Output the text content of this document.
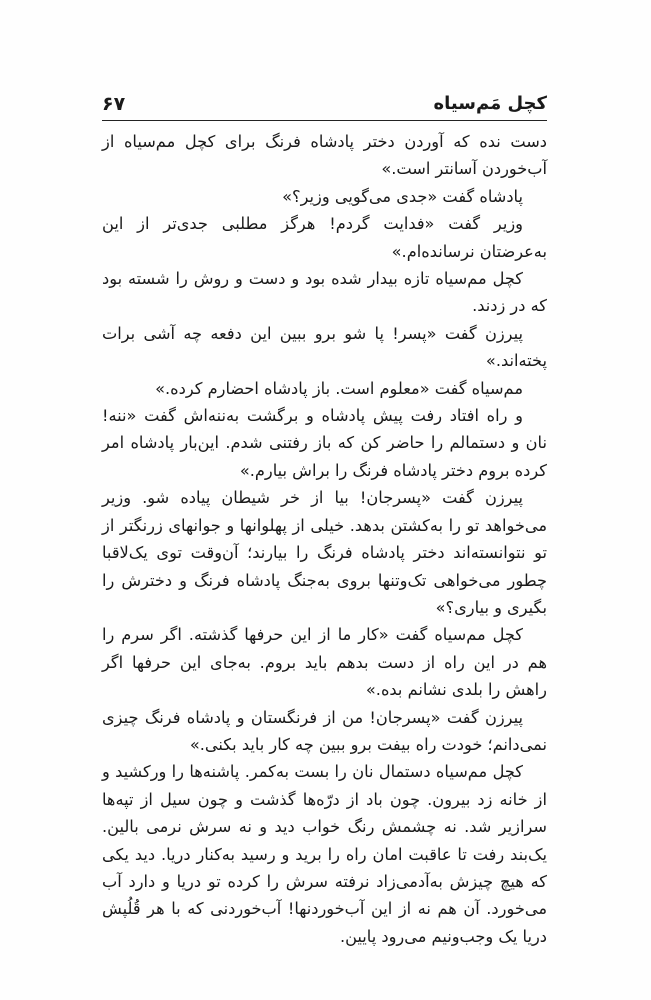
کچل مَم‌سیاه
۶۷

دست نده که آوردن دختر پادشاه فرنگ برای کچل مم‌سیاه از آب‌خوردن آسانتر است.»

پادشاه گفت «جدی می‌گویی وزیر؟»

وزیر گفت «فدایت گردم! هرگز مطلبی جدی‌تر از این به‌عرضتان نرسانده‌ام.»

کچل مم‌سیاه تازه بیدار شده بود و دست و روش را شسته بود که در زدند.

پیرزن گفت «پسر! پا شو برو ببین این دفعه چه آشی برات پخته‌اند.»

مم‌سیاه گفت «معلوم است. باز پادشاه احضارم کرده.»

و راه افتاد رفت پیش پادشاه و برگشت به‌ننه‌اش گفت «ننه! نان و دستمالم را حاضر کن که باز رفتنی شدم. این‌بار پادشاه امر کرده بروم دختر پادشاه فرنگ را براش بیارم.»

پیرزن گفت «پسرجان! بیا از خر شیطان پیاده شو. وزیر می‌خواهد تو را به‌کشتن بدهد. خیلی از پهلوانها و جوانهای زرنگتر از تو نتوانسته‌اند دختر پادشاه فرنگ را بیارند؛ آن‌وقت توی یک‌لاقبا چطور می‌خواهی تک‌وتنها بروی به‌جنگ پادشاه فرنگ و دخترش را بگیری و بیاری؟»

کچل مم‌سیاه گفت «کار ما از این حرفها گذشته. اگر سرم را هم در این راه از دست بدهم باید بروم. به‌جای این حرفها اگر راهش را بلدی نشانم بده.»

پیرزن گفت «پسرجان! من از فرنگستان و پادشاه فرنگ چیزی نمی‌دانم؛ خودت راه بیفت برو ببین چه کار باید بکنی.»

کچل مم‌سیاه دستمال نان را بست به‌کمر. پاشنه‌ها را ورکشید و از خانه زد بیرون. چون باد از درّه‌ها گذشت و چون سیل از تپه‌ها سرازیر شد. نه چشمش رنگ خواب دید و نه سرش نرمی بالین. یک‌بند رفت تا عاقبت امان راه را برید و رسید به‌کنار دریا. دید یکی که هیچ چیزش به‌آدمی‌زاد نرفته سرش را کرده تو دریا و دارد آب می‌خورد. آن هم نه از این آب‌خوردنها! آب‌خوردنی که با هر قُلُپش دریا یک وجب‌ونیم می‌رود پایین.
